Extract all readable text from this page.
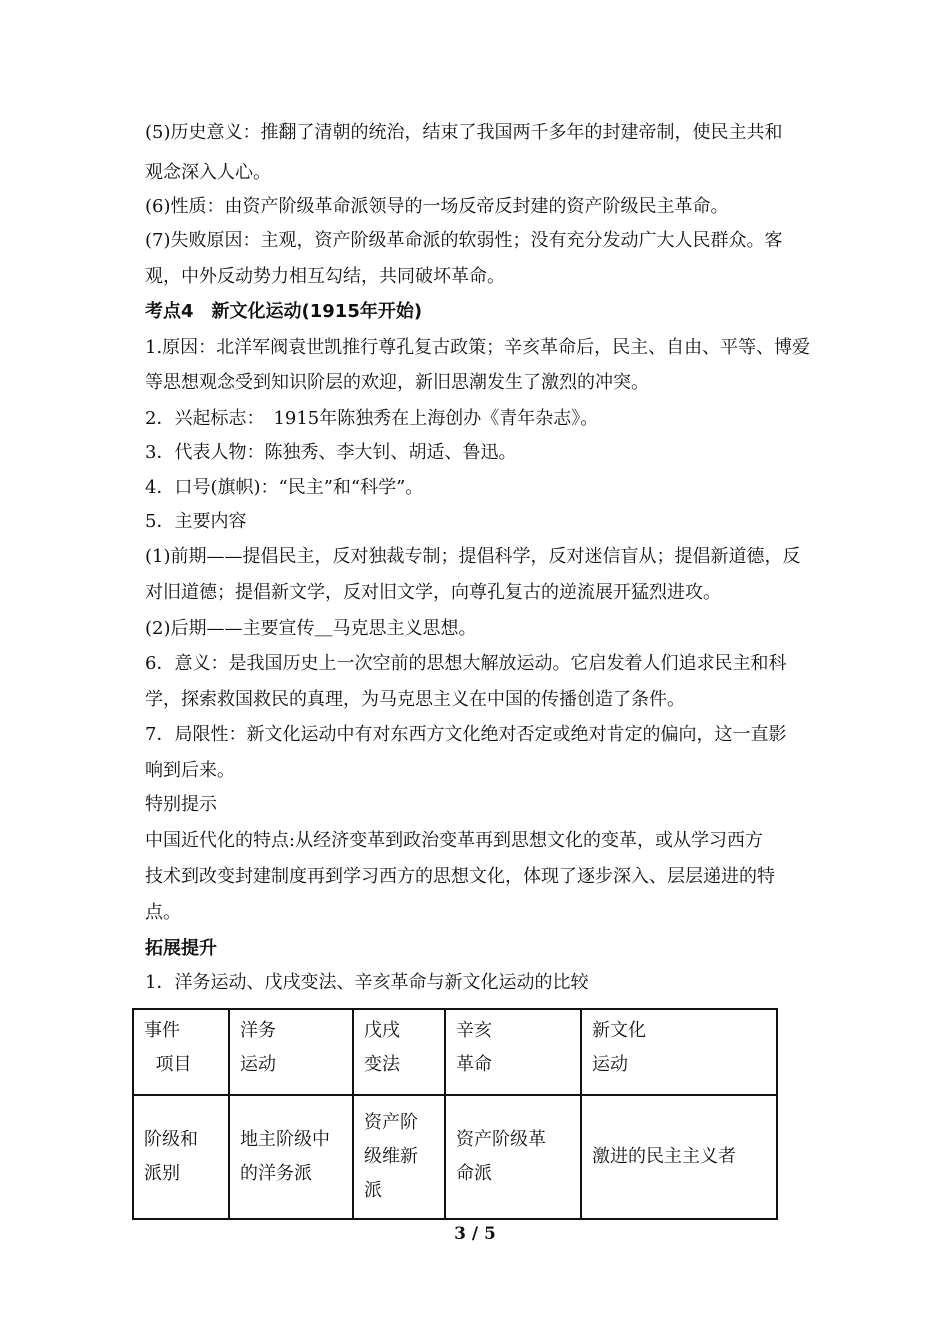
(5)历史意义：推翻了清朝的统治，结束了我国两千多年的封建帝制，使民主共和
观念深入人心。
(6)性质：由资产阶级革命派领导的一场反帝反封建的资产阶级民主革命。
(7)失败原因：主观，资产阶级革命派的软弱性；没有充分发动广大人民群众。客
观，中外反动势力相互勾结，共同破坏革命。
考点4　新文化运动(1915年开始)
1.原因：北洋军阀袁世凯推行尊孔复古政策；辛亥革命后，民主、自由、平等、博爱
等思想观念受到知识阶层的欢迎，新旧思潮发生了激烈的冲突。
2．兴起标志：　1915年陈独秀在上海创办《青年杂志》。
3．代表人物：陈独秀、李大钊、胡适、鲁迅。
4．口号(旗帜)：“民主”和“科学”。
5．主要内容
(1)前期——提倡民主，反对独裁专制；提倡科学，反对迷信盲从；提倡新道德，反
对旧道德；提倡新文学，反对旧文学，向尊孔复古的逆流展开猛烈进攻。
(2)后期——主要宣传＿马克思主义思想。
6．意义：是我国历史上一次空前的思想大解放运动。它启发着人们追求民主和科
学，探索救国救民的真理，为马克思主义在中国的传播创造了条件。
7．局限性：新文化运动中有对东西方文化绝对否定或绝对肯定的偏向，这一直影
响到后来。
特别提示
中国近代化的特点:从经济变革到政治变革再到思想文化的变革，或从学习西方
技术到改变封建制度再到学习西方的思想文化，体现了逐步深入、层层递进的特
点。
拓展提升
1．洋务运动、戊戌变法、辛亥革命与新文化运动的比较
事件
项目	洋务
运动	戊戌
变法	辛亥
革命	新文化
运动
阶级和
派别	地主阶级中
的洋务派	资产阶
级维新
派	资产阶级革
命派	激进的民主主义者
3 / 5
